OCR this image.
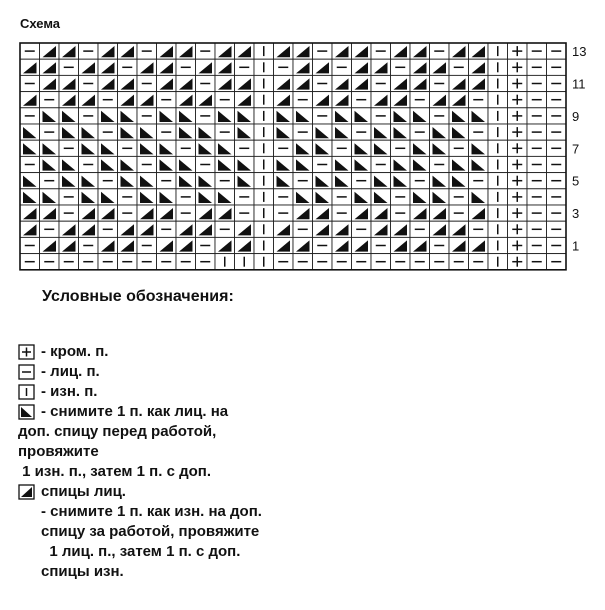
Схема
13
11
9
7
5
3
1
Условные обозначения:
- кром. п.
- лиц. п.
- изн. п.
- снимите 1 п. как лиц. на
доп. спицу перед работой,
провяжите
1 изн. п., затем 1 п. с доп.
спицы лиц.
- снимите 1 п. как изн. на доп.
спицу за работой, провяжите
1 лиц. п., затем 1 п. с доп.
спицы изн.
